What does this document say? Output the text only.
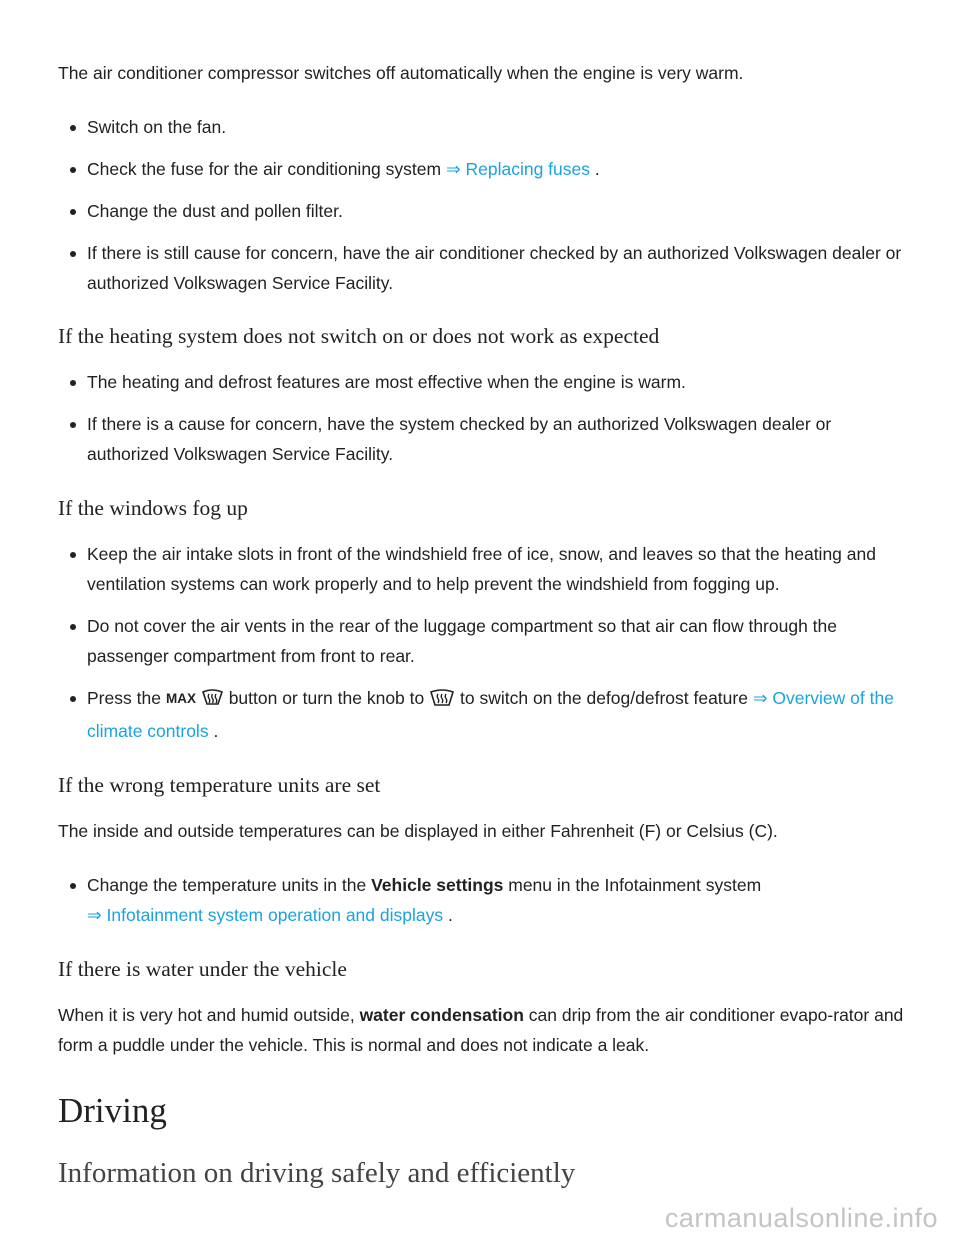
The air conditioner compressor switches off automatically when the engine is very warm.

Switch on the fan.
Check the fuse for the air conditioning system ⇒ Replacing fuses .
Change the dust and pollen filter.
If there is still cause for concern, have the air conditioner checked by an authorized Volkswagen dealer or authorized Volkswagen Service Facility.
If the heating system does not switch on or does not work as expected
The heating and defrost features are most effective when the engine is warm.
If there is a cause for concern, have the system checked by an authorized Volkswagen dealer or authorized Volkswagen Service Facility.
If the windows fog up
Keep the air intake slots in front of the windshield free of ice, snow, and leaves so that the heating and ventilation systems can work properly and to help prevent the windshield from fogging up.
Do not cover the air vents in the rear of the luggage compartment so that air can flow through the passenger compartment from front to rear.
Press the MAX button or turn the knob to to switch on the defog/defrost feature ⇒ Overview of the climate controls .
If the wrong temperature units are set

The inside and outside temperatures can be displayed in either Fahrenheit (F) or Celsius (C).

Change the temperature units in the Vehicle settings menu in the Infotainment system
⇒ Infotainment system operation and displays .
If there is water under the vehicle

When it is very hot and humid outside, water condensation can drip from the air conditioner evapo-rator and form a puddle under the vehicle. This is normal and does not indicate a leak.

Driving
Information on driving safely and efficiently
carmanualsonline.info
